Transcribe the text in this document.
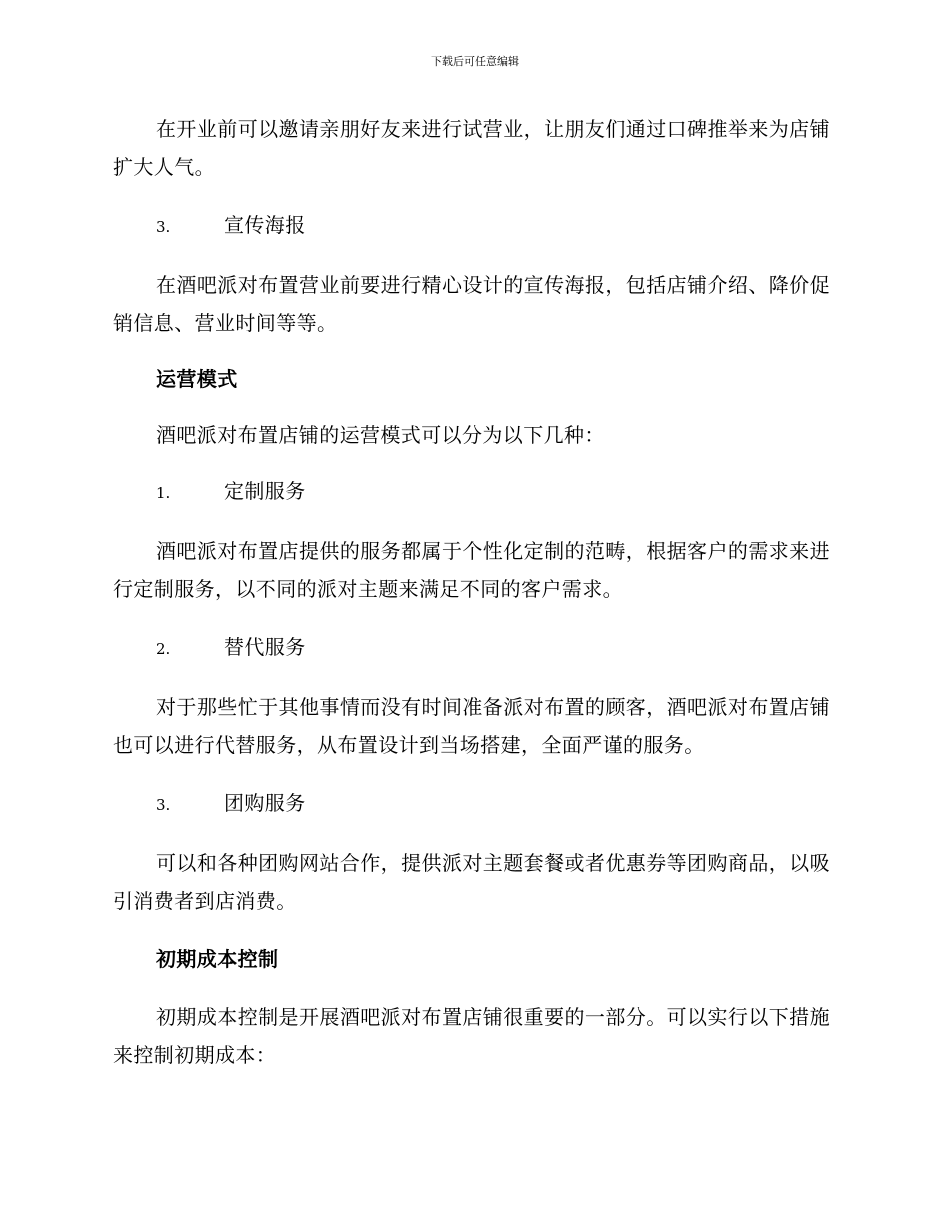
下载后可任意编辑

在开业前可以邀请亲朋好友来进行试营业，让朋友们通过口碑推举来为店铺扩大人气。

3.	宣传海报

在酒吧派对布置营业前要进行精心设计的宣传海报，包括店铺介绍、降价促销信息、营业时间等等。

运营模式

酒吧派对布置店铺的运营模式可以分为以下几种：

1.	定制服务

酒吧派对布置店提供的服务都属于个性化定制的范畴，根据客户的需求来进行定制服务，以不同的派对主题来满足不同的客户需求。

2.	替代服务

对于那些忙于其他事情而没有时间准备派对布置的顾客，酒吧派对布置店铺也可以进行代替服务，从布置设计到当场搭建，全面严谨的服务。

3.	团购服务

可以和各种团购网站合作，提供派对主题套餐或者优惠券等团购商品，以吸引消费者到店消费。

初期成本控制

初期成本控制是开展酒吧派对布置店铺很重要的一部分。可以实行以下措施来控制初期成本：
